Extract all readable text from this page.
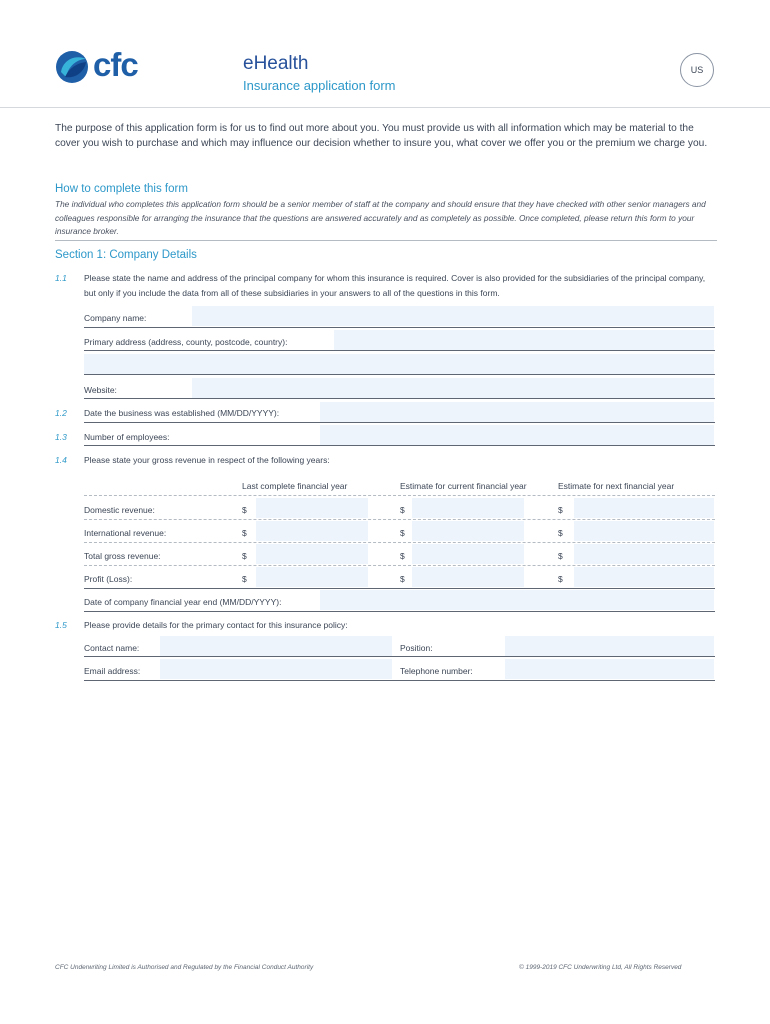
cfc	eHealth
Insurance application form
US
The purpose of this application form is for us to find out more about you. You must provide us with all information which may be material to the cover you wish to purchase and which may influence our decision whether to insure you, what cover we offer you or the premium we charge you.
How to complete this form
The individual who completes this application form should be a senior member of staff at the company and should ensure that they have checked with other senior managers and colleagues responsible for arranging the insurance that the questions are answered accurately and as completely as possible. Once completed, please return this form to your insurance broker.
Section 1: Company Details
1.1 Please state the name and address of the principal company for whom this insurance is required. Cover is also provided for the subsidiaries of the principal company, but only if you include the data from all of these subsidiaries in your answers to all of the questions in this form.
Company name:
Primary address (address, county, postcode, country):
Website:
1.2 Date the business was established (MM/DD/YYYY):
1.3 Number of employees:
1.4 Please state your gross revenue in respect of the following years:
Last complete financial year	Estimate for current financial year	Estimate for next financial year
Domestic revenue:	$	$	$
International revenue:	$	$	$
Total gross revenue:	$	$	$
Profit (Loss):	$	$	$
Date of company financial year end (MM/DD/YYYY):
1.5 Please provide details for the primary contact for this insurance policy:
Contact name:	Position:
Email address:	Telephone number:
CFC Underwriting Limited is Authorised and Regulated by the Financial Conduct Authority	© 1999-2019 CFC Underwriting Ltd, All Rights Reserved
